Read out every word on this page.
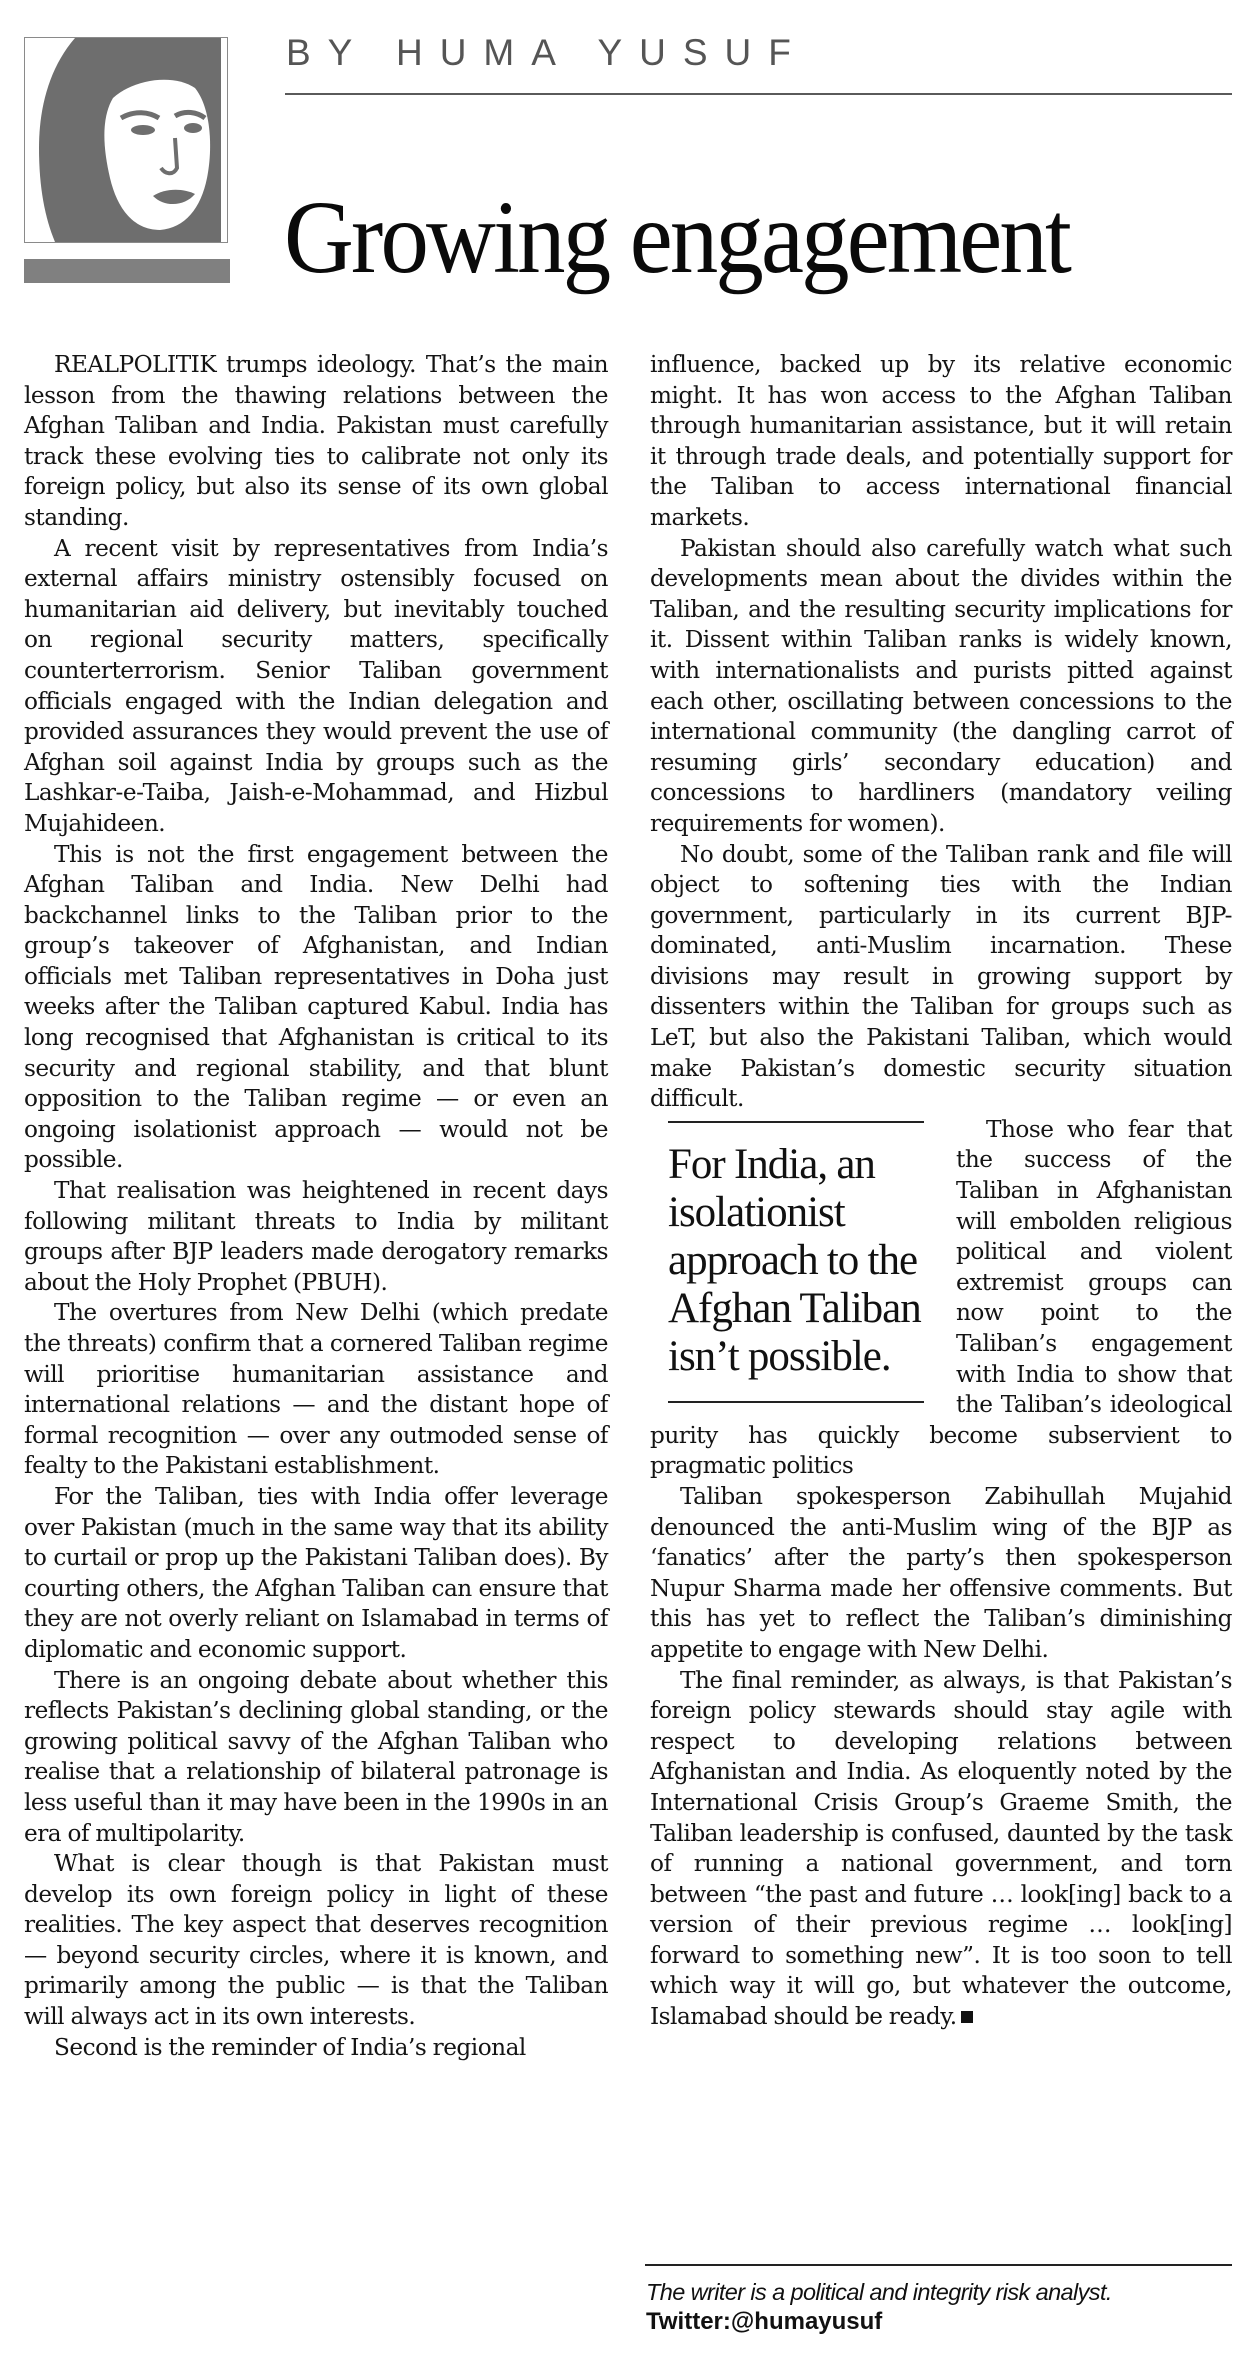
BY HUMA YUSUF
Growing engagement

REALPOLITIK trumps ideology. That’s the main lesson from the thawing relations between the Afghan Taliban and India. Pakistan must carefully track these evolving ties to calibrate not only its foreign policy, but also its sense of its own global standing.

A recent visit by representatives from India’s external affairs ministry ostensibly focused on humanitarian aid delivery, but inevitably touched on regional security matters, specifically counterterrorism. Senior Taliban government officials engaged with the Indian delegation and provided assurances they would prevent the use of Afghan soil against India by groups such as the Lashkar-e-Taiba, Jaish-e-Mohammad, and Hizbul Mujahideen.

This is not the first engagement between the Afghan Taliban and India. New Delhi had backchannel links to the Taliban prior to the group’s takeover of Afghanistan, and Indian officials met Taliban representatives in Doha just weeks after the Taliban captured Kabul. India has long recognised that Afghanistan is critical to its security and regional stability, and that blunt opposition to the Taliban regime — or even an ongoing isolationist approach — would not be possible.

That realisation was heightened in recent days following militant threats to India by militant groups after BJP leaders made derogatory remarks about the Holy Prophet (PBUH).

The overtures from New Delhi (which predate the threats) confirm that a cornered Taliban regime will prioritise humanitarian assistance and international relations — and the distant hope of formal recognition — over any outmoded sense of fealty to the Pakistani establishment.

For the Taliban, ties with India offer leverage over Pakistan (much in the same way that its ability to curtail or prop up the Pakistani Taliban does). By courting others, the Afghan Taliban can ensure that they are not overly reliant on Islamabad in terms of diplomatic and economic support.

There is an ongoing debate about whether this reflects Pakistan’s declining global standing, or the growing political savvy of the Afghan Taliban who realise that a relationship of bilateral patronage is less useful than it may have been in the 1990s in an era of multipolarity.

What is clear though is that Pakistan must develop its own foreign policy in light of these realities. The key aspect that deserves recognition — beyond security circles, where it is known, and primarily among the public — is that the Taliban will always act in its own interests.

Second is the reminder of India’s regional

influence, backed up by its relative economic might. It has won access to the Afghan Taliban through humanitarian assistance, but it will retain it through trade deals, and potentially support for the Taliban to access international financial markets.

Pakistan should also carefully watch what such developments mean about the divides within the Taliban, and the resulting security implications for it. Dissent within Taliban ranks is widely known, with internationalists and purists pitted against each other, oscillating between concessions to the international community (the dangling carrot of resuming girls’ secondary education) and concessions to hardliners (mandatory veiling requirements for women).

No doubt, some of the Taliban rank and file will object to softening ties with the Indian government, particularly in its current BJP-dominated, anti-Muslim incarnation. These divisions may result in growing support by dissenters within the Taliban for groups such as LeT, but also the Pakistani Taliban, which would make Pakistan’s domestic security situation difficult.

For India, an isolationist approach to the Afghan Taliban isn’t possible.

Those who fear that the success of the Taliban in Afghanistan will embolden religious political and violent extremist groups can now point to the Taliban’s engagement with India to show that the Taliban’s ideological purity has quickly become subservient to pragmatic politics

Taliban spokesperson Zabihullah Mujahid denounced the anti-Muslim wing of the BJP as ‘fanatics’ after the party’s then spokesperson Nupur Sharma made her offensive comments. But this has yet to reflect the Taliban’s diminishing appetite to engage with New Delhi.

The final reminder, as always, is that Pakistan’s foreign policy stewards should stay agile with respect to developing relations between Afghanistan and India. As eloquently noted by the International Crisis Group’s Graeme Smith, the Taliban leadership is confused, daunted by the task of running a national government, and torn between “the past and future … look[ing] back to a version of their previous regime … look[ing] forward to something new”. It is too soon to tell which way it will go, but whatever the outcome, Islamabad should be ready.

The writer is a political and integrity risk analyst.
Twitter:@humayusuf
